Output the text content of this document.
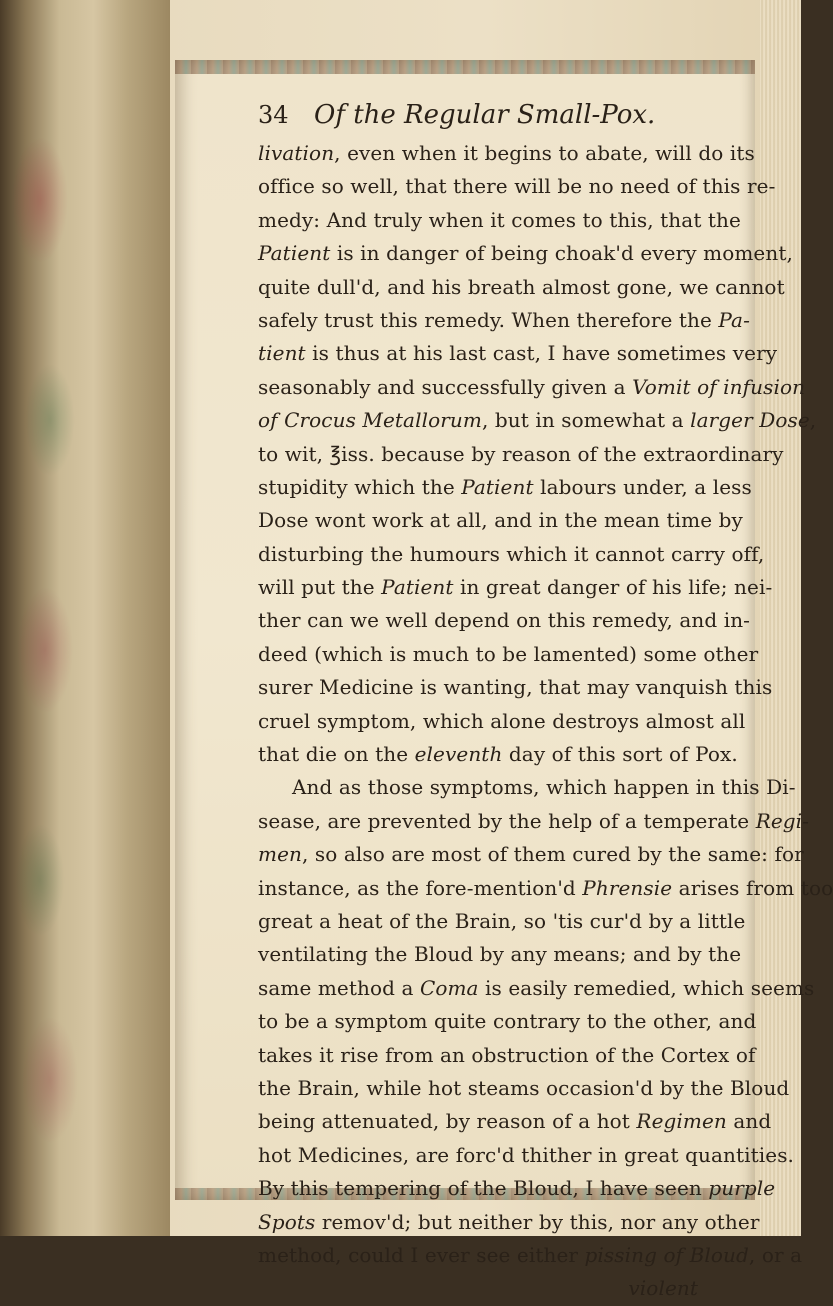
34 Of the Regular Small-Pox.
livation, even when it begins to abate, will do its
office so well, that there will be no need of this re-
medy: And truly when it comes to this, that the
Patient is in danger of being choak'd every moment,
quite dull'd, and his breath almost gone, we cannot
safely trust this remedy. When therefore the Pa-
tient is thus at his last cast, I have sometimes very
seasonably and successfully given a Vomit of infusion
of Crocus Metallorum, but in somewhat a larger Dose,
to wit, ℥iss. because by reason of the extraordinary
stupidity which the Patient labours under, a less
Dose wont work at all, and in the mean time by
disturbing the humours which it cannot carry off,
will put the Patient in great danger of his life; nei-
ther can we well depend on this remedy, and in-
deed (which is much to be lamented) some other
surer Medicine is wanting, that may vanquish this
cruel symptom, which alone destroys almost all
that die on the eleventh day of this sort of Pox.
And as those symptoms, which happen in this Di-
sease, are prevented by the help of a temperate Regi-
men, so also are most of them cured by the same: for
instance, as the fore-mention'd Phrensie arises from too
great a heat of the Brain, so 'tis cur'd by a little
ventilating the Bloud by any means; and by the
same method a Coma is easily remedied, which seems
to be a symptom quite contrary to the other, and
takes it rise from an obstruction of the Cortex of
the Brain, while hot steams occasion'd by the Bloud
being attenuated, by reason of a hot Regimen and
hot Medicines, are forc'd thither in great quantities.
By this tempering of the Bloud, I have seen purple
Spots remov'd; but neither by this, nor any other
method, could I ever see either pissing of Bloud, or a
violent
